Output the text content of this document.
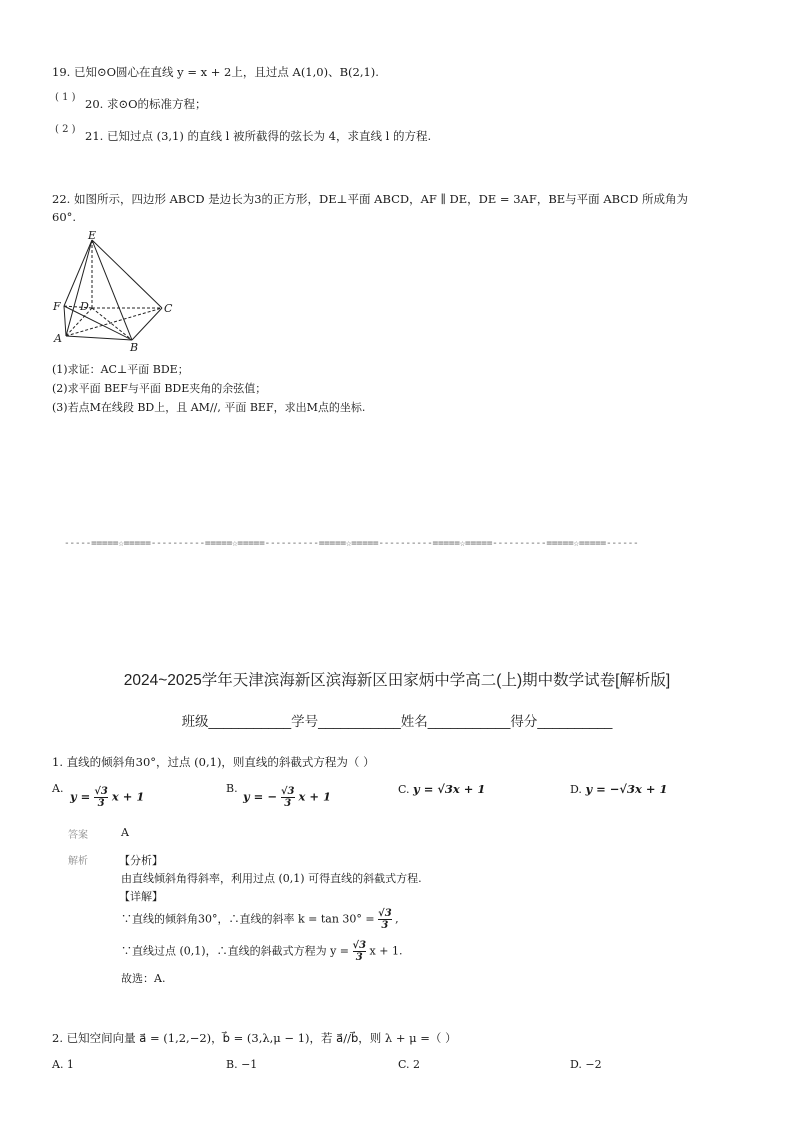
19. 已知⊙O圆心在直线 y = x + 2上，且过点 A(1,0)、B(2,1).
( 1 ) 20. 求⊙O的标准方程；
( 2 ) 21. 已知过点 (3,1) 的直线 l 被所截得的弦长为 4，求直线 l 的方程.
22. 如图所示，四边形 ABCD 是边长为3的正方形，DE⊥平面 ABCD，AF ∥ DE，DE = 3AF，BE与平面 ABCD 所成角为
60°.
E
F D	C
A
B
(1)求证：AC⊥平面 BDE；
(2)求平面 BEF与平面 BDE夹角的余弦值；
(3)若点M在线段 BD上，且 AM//, 平面 BEF，求出M点的坐标.
-----=====☆=====----------=====☆=====----------=====☆=====----------=====☆=====----------=====☆=====------
2024~2025学年天津滨海新区滨海新区田家炳中学高二(上)期中数学试卷[解析版]
班级___________学号___________姓名___________得分__________
1. 直线的倾斜角30°，过点 (0,1)，则直线的斜截式方程为（ ）
A.
$y = \frac{√3}{3}$ x + 1
B.
y = − $\frac{√3}{3}$ x + 1	C. y = √3x + 1	D. y = −√3x + 1
答案	A
解析	【分析】
由直线倾斜角得斜率，利用过点 (0,1) 可得直线的斜截式方程.
【详解】
∵直线的倾斜角30°，∴直线的斜率 $k = \tan 30^\circ = \frac{√3}{3}$ ,
∵直线过点 (0,1)，∴直线的斜截式方程为 $y = \frac{√3}{3}$ x + 1.
故选：A.
2. 已知空间向量 a⃗ = (1,2,−2)，b⃗ = (3,λ,μ − 1)，若 a⃗//b⃗，则 λ + μ =（ ）
A. 1	B. −1	C. 2	D. −2
